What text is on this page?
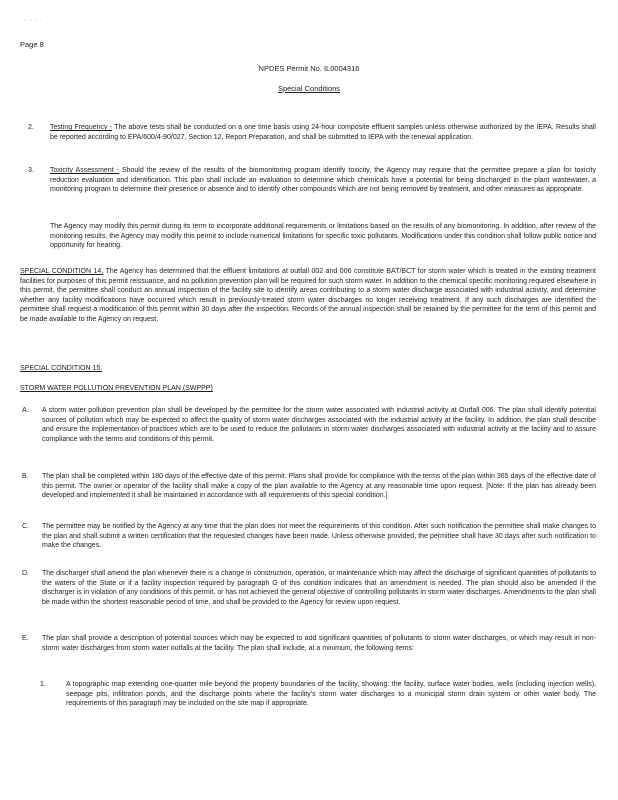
· · · ·
Page 8
NPDES Permit No. IL0004316
Special Conditions
2. Testing Frequency - The above tests shall be conducted on a one time basis using 24-hour composite effluent samples unless otherwise authorized by the IEPA. Results shall be reported according to EPA/600/4-90/027, Section 12, Report Preparation, and shall be submitted to IEPA with the renewal application.
3. Toxicity Assessment - Should the review of the results of the biomonitoring program identify toxicity, the Agency may require that the permittee prepare a plan for toxicity reduction evaluation and identification. This plan shall include an evaluation to determine which chemicals have a potential for being discharged in the plant wastewater, a monitoring program to determine their presence or absence and to identify other compounds which are not being removed by treatment, and other measures as appropriate.
The Agency may modify this permit during its term to incorporate additional requirements or limitations based on the results of any biomonitoring. In addition, after review of the monitoring results, the Agency may modify this permit to include numerical limitations for specific toxic pollutants. Modifications under this condition shall follow public notice and opportunity for hearing.
SPECIAL CONDITION 14. The Agency has determined that the effluent limitations at outfall 002 and 006 constitute BAT/BCT for storm water which is treated in the existing treatment facilities for purposes of this permit reissuance, and no pollution prevention plan will be required for such storm water. In addition to the chemical specific monitoring required elsewhere in this permit, the permittee shall conduct an annual inspection of the facility site to identify areas contributing to a storm water discharge associated with industrial activity, and determine whether any facility modifications have occurred which result in previously-treated storm water discharges no longer receiving treatment. If any such discharges are identified the permittee shall request a modification of this permit within 30 days after the inspection. Records of the annual inspection shall be retained by the permittee for the term of this permit and be made available to the Agency on request.
SPECIAL CONDITION 15.
STORM WATER POLLUTION PREVENTION PLAN (SWPPP)
A. A storm water pollution prevention plan shall be developed by the permittee for the storm water associated with industrial activity at Outfall 006. The plan shall identify potential sources of pollution which may be expected to affect the quality of storm water discharges associated with the industrial activity at the facility. In addition, the plan shall describe and ensure the implementation of practices which are to be used to reduce the pollutants in storm water discharges associated with industrial activity at the facility and to assure compliance with the terms and conditions of this permit.
B. The plan shall be completed within 180 days of the effective date of this permit. Plans shall provide for compliance with the terms of the plan within 365 days of the effective date of this permit. The owner or operator of the facility shall make a copy of the plan available to the Agency at any reasonable time upon request. [Note: If the plan has already been developed and implemented it shall be maintained in accordance with all requirements of this special condition.]
C. The permittee may be notified by the Agency at any time that the plan does not meet the requirements of this condition. After such notification the permittee shall make changes to the plan and shall submit a written certification that the requested changes have been made. Unless otherwise provided, the permittee shall have 30 days after such notification to make the changes.
D. The discharger shall amend the plan whenever there is a change in construction, operation, or maintenance which may affect the discharge of significant quantities of pollutants to the waters of the State or if a facility inspection required by paragraph G of this condition indicates that an amendment is needed. The plan should also be amended if the discharger is in violation of any conditions of this permit, or has not achieved the general objective of controlling pollutants in storm water discharges. Amendments to the plan shall be made within the shortest reasonable period of time, and shall be provided to the Agency for review upon request.
E. The plan shall provide a description of potential sources which may be expected to add significant quantities of pollutants to storm water discharges, or which may result in non-storm water discharges from storm water outfalls at the facility. The plan shall include, at a minimum, the following items:
1.	A topographic map extending one-quarter mile beyond the property boundaries of the facility, showing: the facility, surface water bodies, wells (including injection wells), seepage pits, infiltration ponds, and the discharge points where the facility's storm water discharges to a municipal storm drain system or other water body. The requirements of this paragraph may be included on the site map if appropriate.
